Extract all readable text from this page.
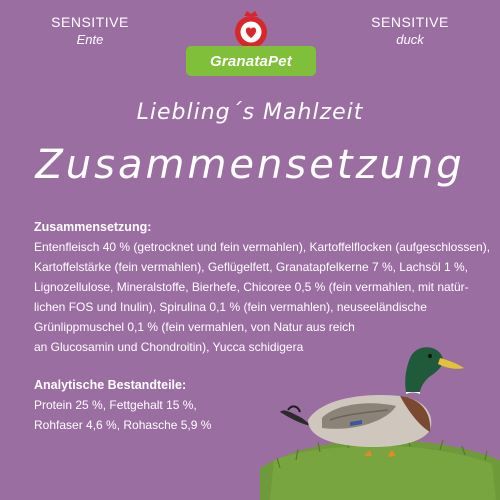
SENSITIVE
Ente
SENSITIVE
duck
GranataPet
Liebling´s Mahlzeit
Zusammensetzung
Zusammensetzung:
Entenfleisch 40 % (getrocknet und fein vermahlen), Kartoffelflocken (aufgeschlossen),
Kartoffelstärke (fein vermahlen), Geflügelfett, Granatapfelkerne 7 %, Lachsöl 1 %,
Lignozellulose, Mineralstoffe, Bierhefe, Chicoree 0,5 % (fein vermahlen, mit natür-
lichen FOS und Inulin), Spirulina 0,1 % (fein vermahlen), neuseeländische
Grünlippmuschel 0,1 % (fein vermahlen, von Natur aus reich
an Glucosamin und Chondroitin), Yucca schidigera
Analytische Bestandteile:
Protein 25 %, Fettgehalt 15 %,
Rohfaser 4,6 %, Rohasche 5,9 %
